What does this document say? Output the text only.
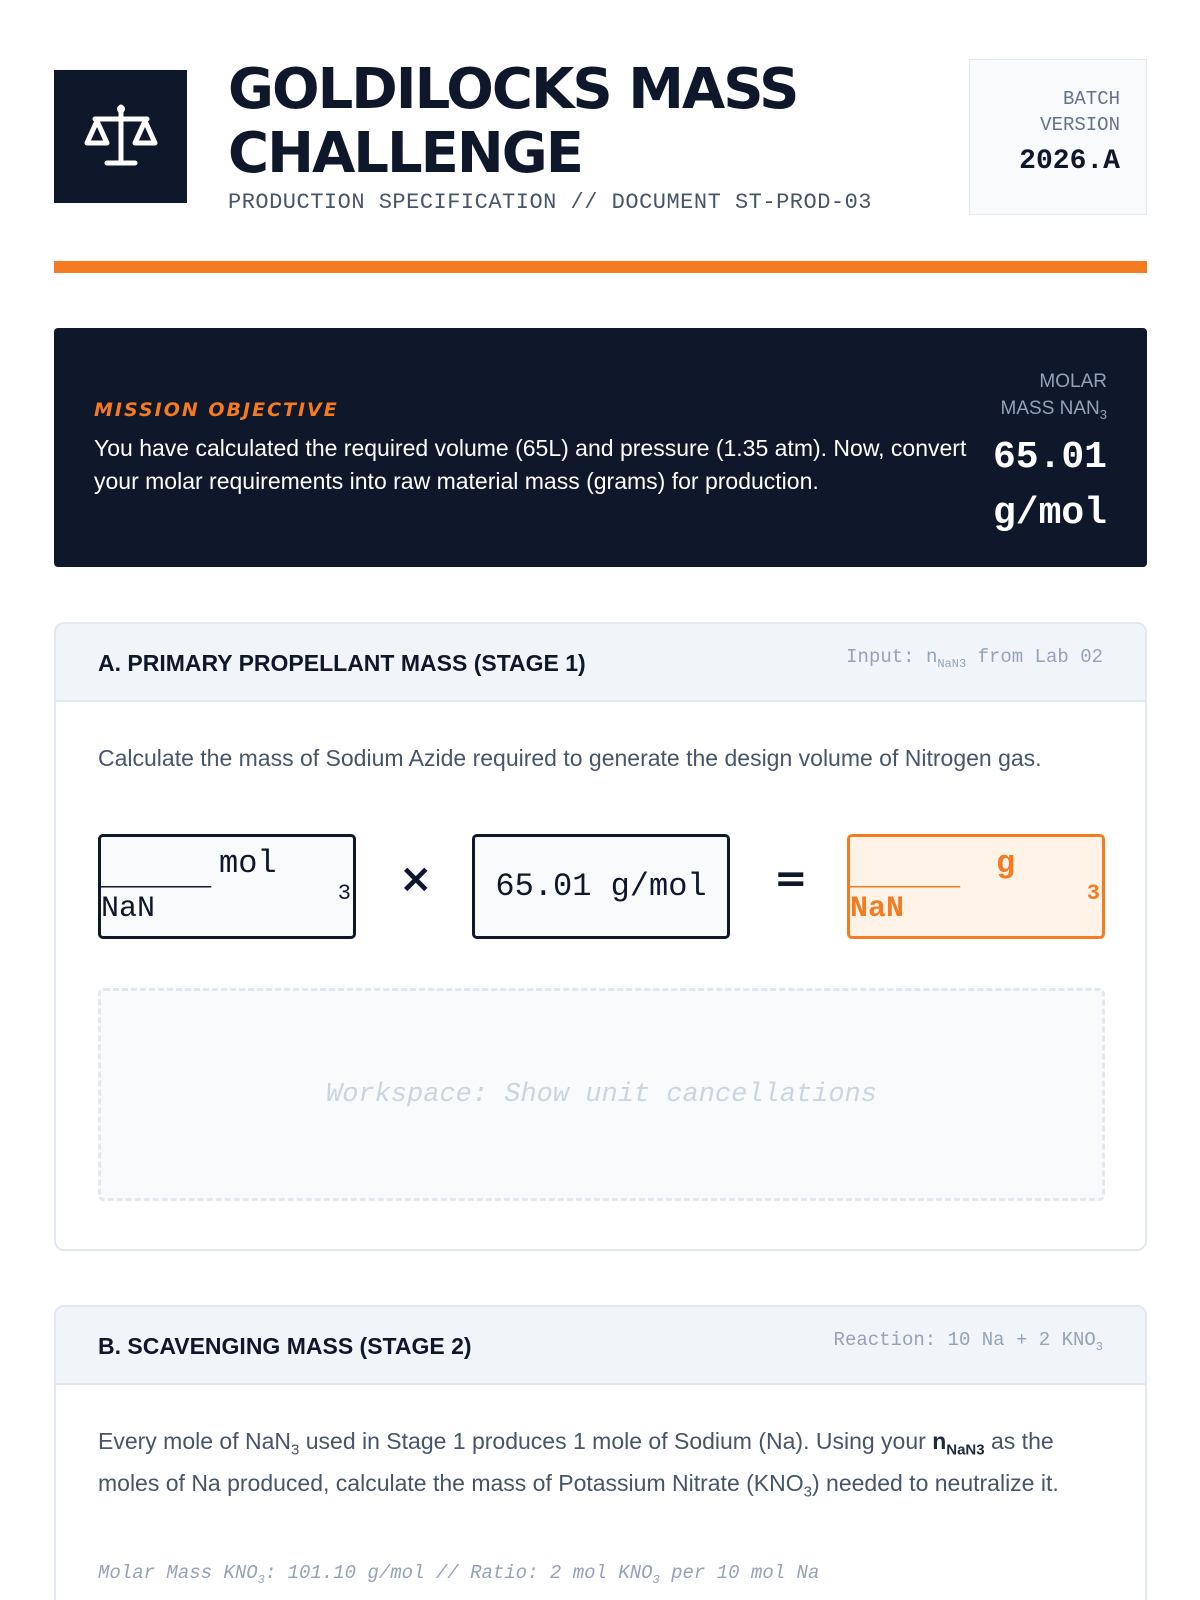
GOLDILOCKS MASS
CHALLENGE
PRODUCTION SPECIFICATION // DOCUMENT ST-PROD-03
BATCH
VERSION
2026.A
MISSION OBJECTIVE
You have calculated the required volume (65L) and pressure (1.35 atm). Now, convert your molar requirements into raw material mass (grams) for production.
MOLAR
MASS $NAN_3$
65.01
g/mol
A. PRIMARY PROPELLANT MASS (STAGE 1)	Input: $n_{NaN3}$ from Lab 02
Calculate the mass of Sodium Azide required to generate the design volume of Nitrogen gas.
______ mol
NaN	3 ×	65.01 g/mol	= ______ g
NaN	3
Workspace: Show unit cancellations
B. SCAVENGING MASS (STAGE 2)	Reaction: 10 Na + 2 $KNO_3$
Every mole of NaN$_3$ used in Stage 1 produces 1 mole of Sodium (Na). Using your $n_{NaN3}$ as the moles of Na produced, calculate the mass of Potassium Nitrate $(KNO_3)$ needed to neutralize it.
Molar Mass $KNO_3$: 101.10 g/mol // Ratio: 2 mol $KNO_3$ per 10 mol Na
